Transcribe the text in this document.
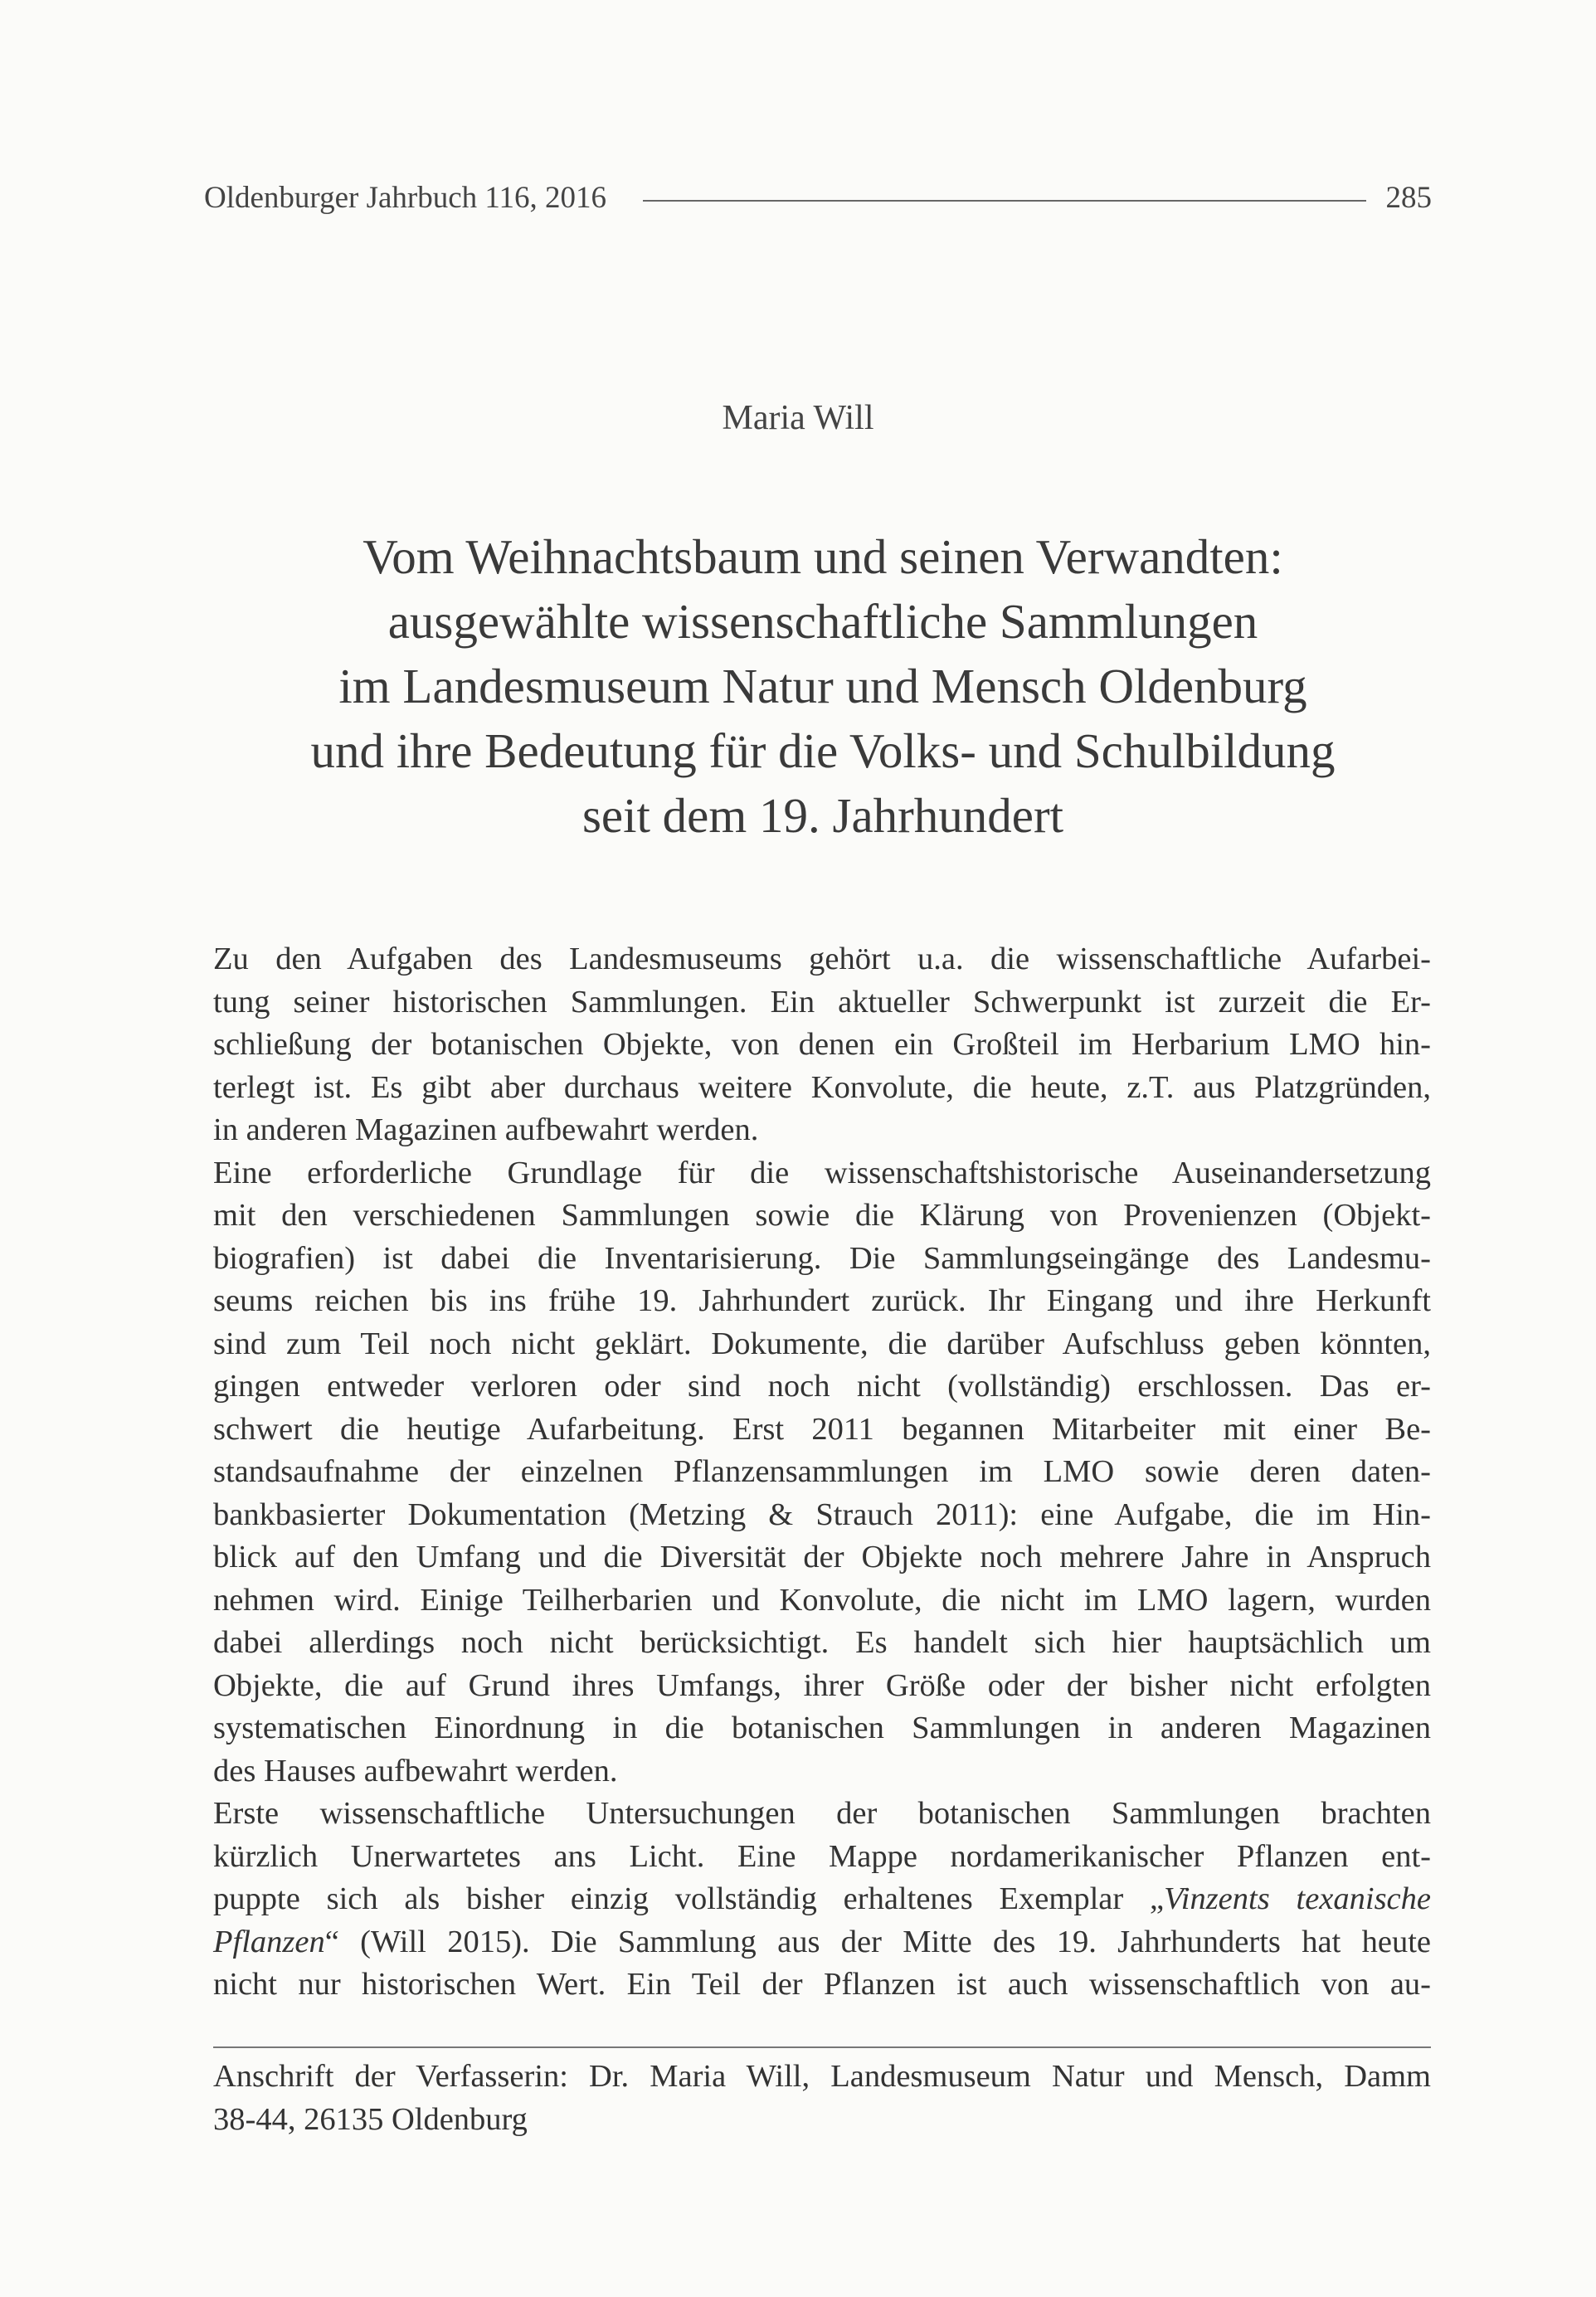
Oldenburger Jahrbuch 116, 2016	285
Maria Will
Vom Weihnachtsbaum und seinen Verwandten:
ausgewählte wissenschaftliche Sammlungen
im Landesmuseum Natur und Mensch Oldenburg
und ihre Bedeutung für die Volks- und Schulbildung
seit dem 19. Jahrhundert
Zu den Aufgaben des Landesmuseums gehört u.a. die wissenschaftliche Aufarbei-
tung seiner historischen Sammlungen. Ein aktueller Schwerpunkt ist zurzeit die Er-
schließung der botanischen Objekte, von denen ein Großteil im Herbarium LMO hin-
terlegt ist. Es gibt aber durchaus weitere Konvolute, die heute, z.T. aus Platzgründen,
in anderen Magazinen aufbewahrt werden.
Eine erforderliche Grundlage für die wissenschaftshistorische Auseinandersetzung
mit den verschiedenen Sammlungen sowie die Klärung von Provenienzen (Objekt-
biografien) ist dabei die Inventarisierung. Die Sammlungseingänge des Landesmu-
seums reichen bis ins frühe 19. Jahrhundert zurück. Ihr Eingang und ihre Herkunft
sind zum Teil noch nicht geklärt. Dokumente, die darüber Aufschluss geben könnten,
gingen entweder verloren oder sind noch nicht (vollständig) erschlossen. Das er-
schwert die heutige Aufarbeitung. Erst 2011 begannen Mitarbeiter mit einer Be-
standsaufnahme der einzelnen Pflanzensammlungen im LMO sowie deren daten-
bankbasierter Dokumentation (Metzing & Strauch 2011): eine Aufgabe, die im Hin-
blick auf den Umfang und die Diversität der Objekte noch mehrere Jahre in Anspruch
nehmen wird. Einige Teilherbarien und Konvolute, die nicht im LMO lagern, wurden
dabei allerdings noch nicht berücksichtigt. Es handelt sich hier hauptsächlich um
Objekte, die auf Grund ihres Umfangs, ihrer Größe oder der bisher nicht erfolgten
systematischen Einordnung in die botanischen Sammlungen in anderen Magazinen
des Hauses aufbewahrt werden.
Erste wissenschaftliche Untersuchungen der botanischen Sammlungen brachten
kürzlich Unerwartetes ans Licht. Eine Mappe nordamerikanischer Pflanzen ent-
puppte sich als bisher einzig vollständig erhaltenes Exemplar „Vinzents texanische
Pflanzen“ (Will 2015). Die Sammlung aus der Mitte des 19. Jahrhunderts hat heute
nicht nur historischen Wert. Ein Teil der Pflanzen ist auch wissenschaftlich von au-
Anschrift der Verfasserin: Dr. Maria Will, Landesmuseum Natur und Mensch, Damm
38-44, 26135 Oldenburg
